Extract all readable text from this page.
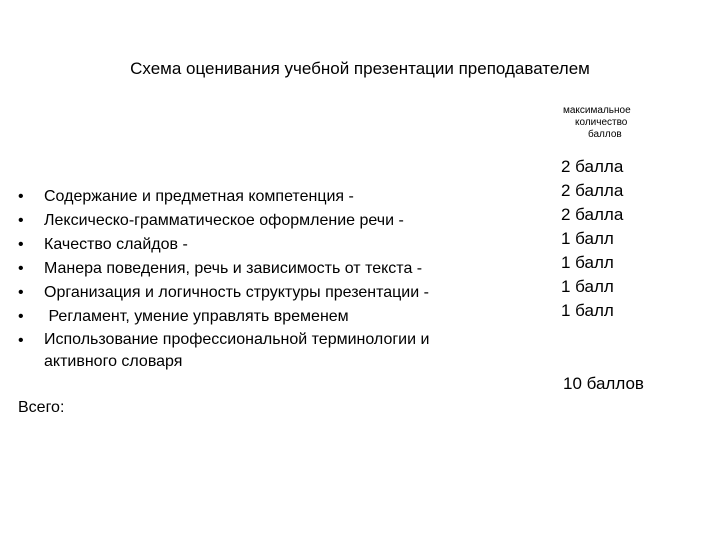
Схема оценивания учебной презентации преподавателем
максимальное
количество
баллов
• Содержание и предметная компетенция -
• Лексическо-грамматическое оформление речи -
• Качество слайдов -
• Манера поведения, речь и зависимость от текста -
• Организация и логичность структуры презентации -
•  Регламент, умение управлять временем
• Использование профессиональной терминологии и активного словаря
Всего:
2 балла
2 балла
2 балла
1 балл
1 балл
1 балл
1 балл
10 баллов
